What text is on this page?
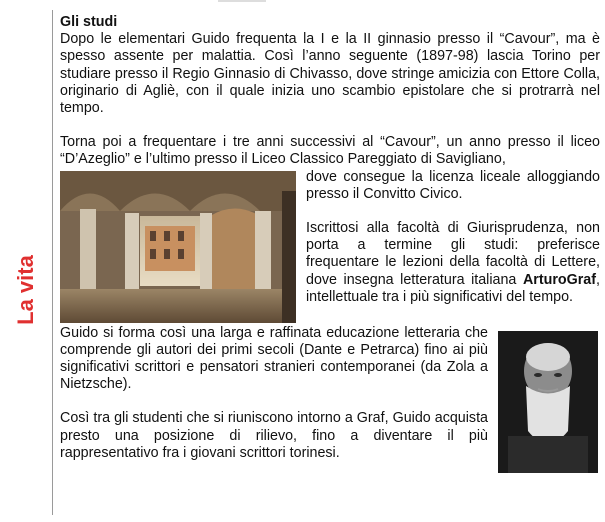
La vita
Gli studi

Dopo le elementari Guido frequenta la I e la II ginnasio presso il “Cavour”, ma è spesso assente per malattia. Così l’anno seguente (1897-98) lascia Torino per studiare presso il Regio Ginnasio di Chivasso, dove stringe amicizia con Ettore Colla, originario di Agliè, con il quale inizia uno scambio epistolare che si protrarrà nel tempo.

Torna poi a frequentare i tre anni successivi al “Cavour”, un anno presso il liceo “D’Azeglio” e l’ultimo presso il Liceo Classico Pareggiato di Savigliano,

dove consegue la licenza liceale alloggiando presso il Convitto Civico.

Iscrittosi alla facoltà di Giurisprudenza, non porta a termine gli studi: preferisce frequentare le lezioni della facoltà di Lettere, dove insegna letteratura italiana ArturoGraf, intellettuale tra i più significativi del tempo.

Guido si forma così una larga e raffinata educazione letteraria che comprende gli autori dei primi secoli (Dante e Petrarca) fino ai più significativi scrittori e pensatori stranieri contemporanei (da Zola a Nietzsche).

Così tra gli studenti che si riuniscono intorno a Graf, Guido acquista presto una posizione di rilievo, fino a diventare il più rappresentativo fra i giovani scrittori torinesi.
